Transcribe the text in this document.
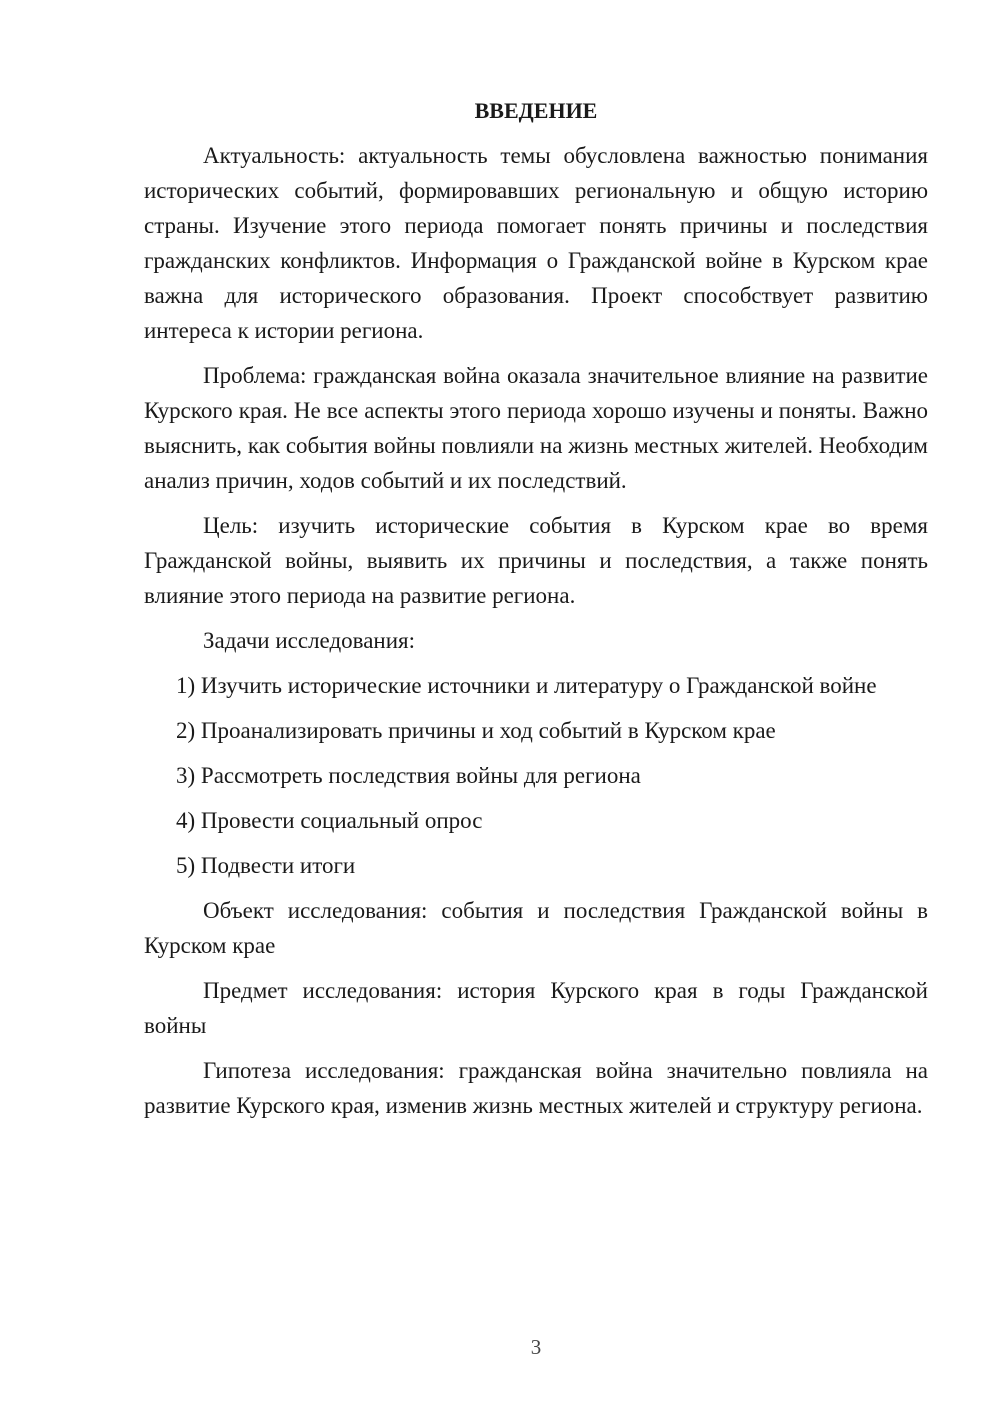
ВВЕДЕНИЕ

Актуальность: актуальность темы обусловлена важностью понимания исторических событий, формировавших региональную и общую историю страны. Изучение этого периода помогает понять причины и последствия гражданских конфликтов. Информация о Гражданской войне в Курском крае важна для исторического образования. Проект способствует развитию интереса к истории региона.

Проблема: гражданская война оказала значительное влияние на развитие Курского края. Не все аспекты этого периода хорошо изучены и поняты. Важно выяснить, как события войны повлияли на жизнь местных жителей. Необходим анализ причин, ходов событий и их последствий.

Цель: изучить исторические события в Курском крае во время Гражданской войны, выявить их причины и последствия, а также понять влияние этого периода на развитие региона.

Задачи исследования:

1) Изучить исторические источники и литературу о Гражданской войне

2) Проанализировать причины и ход событий в Курском крае

3) Рассмотреть последствия войны для региона

4) Провести социальный опрос

5) Подвести итоги

Объект исследования: события и последствия Гражданской войны в Курском крае

Предмет исследования: история Курского края в годы Гражданской войны

Гипотеза исследования: гражданская война значительно повлияла на развитие Курского края, изменив жизнь местных жителей и структуру региона.

3
